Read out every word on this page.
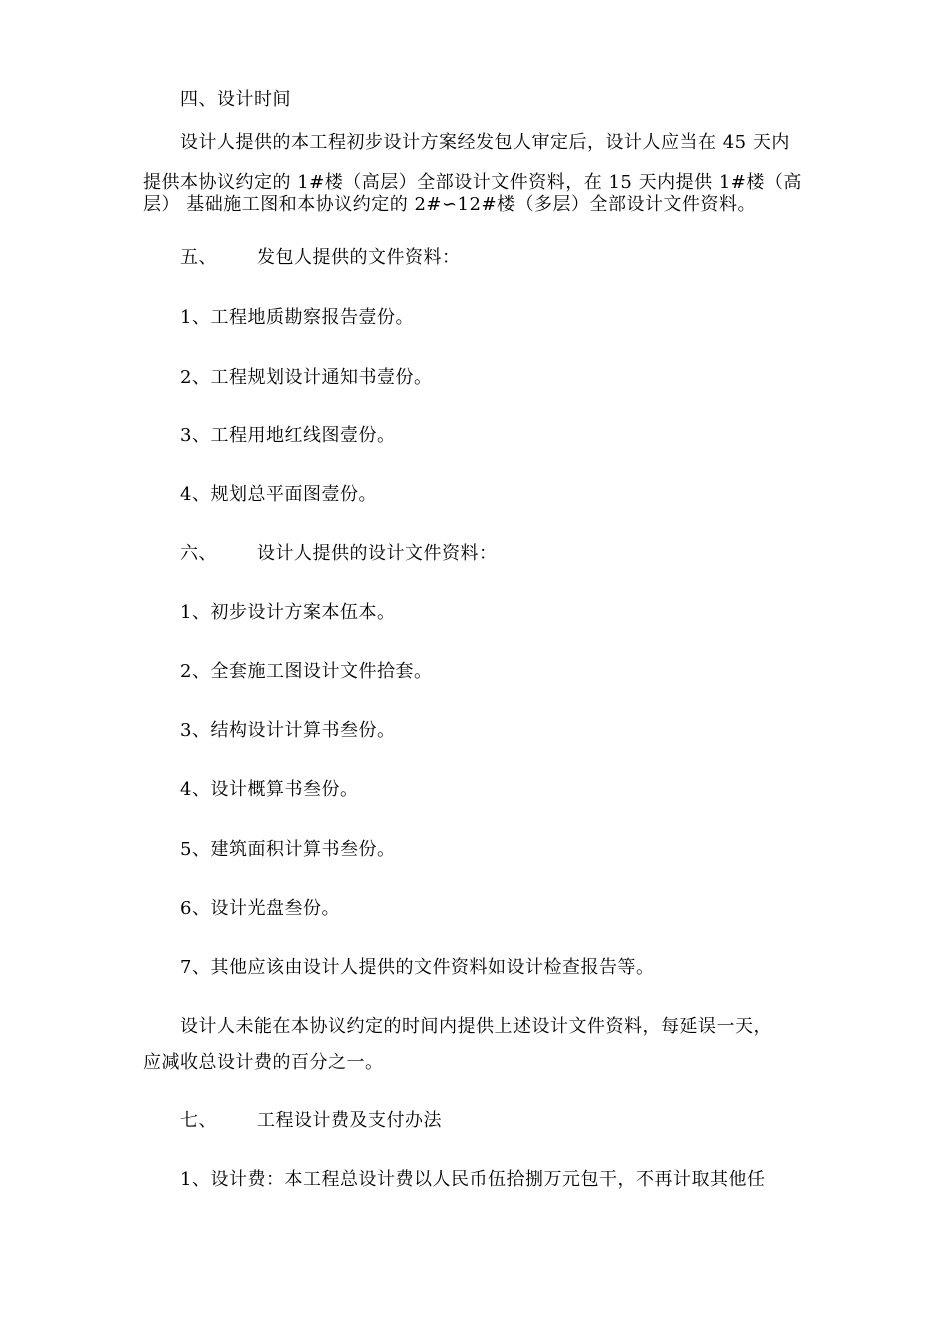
四、设计时间
设计人提供的本工程初步设计方案经发包人审定后，设计人应当在 45 天内
提供本协议约定的 1#楼（高层）全部设计文件资料，在 15 天内提供 1#楼（高
层） 基础施工图和本协议约定的 2#∽12#楼（多层）全部设计文件资料。
五、 发包人提供的文件资料：
1、工程地质勘察报告壹份。
2、工程规划设计通知书壹份。
3、工程用地红线图壹份。
4、规划总平面图壹份。
六、 设计人提供的设计文件资料：
1、初步设计方案本伍本。
2、全套施工图设计文件拾套。
3、结构设计计算书叁份。
4、设计概算书叁份。
5、建筑面积计算书叁份。
6、设计光盘叁份。
7、其他应该由设计人提供的文件资料如设计检查报告等。
设计人未能在本协议约定的时间内提供上述设计文件资料，每延误一天，
应减收总设计费的百分之一。
七、 工程设计费及支付办法
1、设计费：本工程总设计费以人民币伍拾捌万元包干，不再计取其他任
